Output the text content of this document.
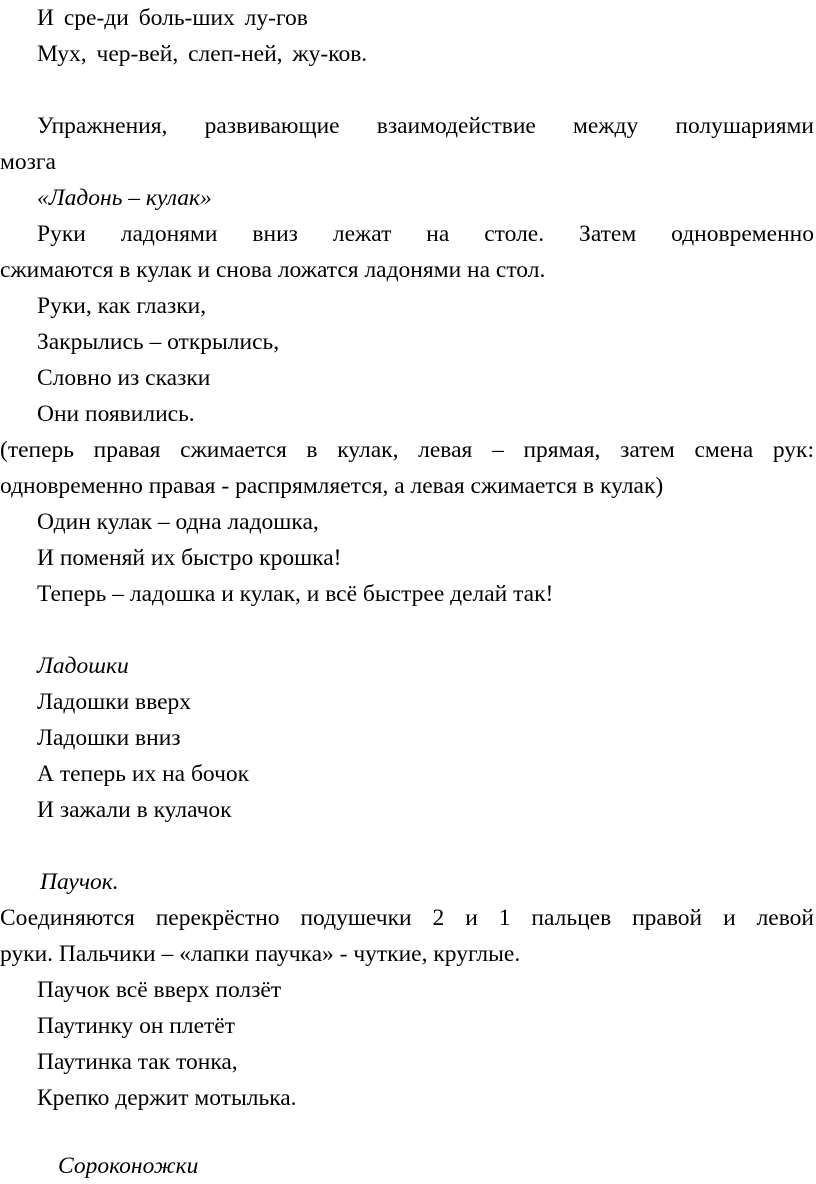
И сре-ди боль-ших лу-гов

Мух, чер-вей, слеп-ней, жу-ков.

Упражнения, развивающие взаимодействие между полушариями

мозга

«Ладонь – кулак»

Руки ладонями вниз лежат на столе. Затем одновременно

сжимаются в кулак и снова ложатся ладонями на стол.

Руки, как глазки,

Закрылись – открылись,

Словно из сказки

Они появились.

(теперь правая сжимается в кулак, левая – прямая, затем смена рук:

одновременно правая - распрямляется, а левая сжимается в кулак)

Один кулак – одна ладошка,

И поменяй их быстро крошка!

Теперь – ладошка и кулак, и всё быстрее делай так!

Ладошки

Ладошки вверх

Ладошки вниз

А теперь их на бочок

И зажали в кулачок

Паучок.

Соединяются перекрёстно подушечки 2 и 1 пальцев правой и левой

руки. Пальчики – «лапки паучка» - чуткие, круглые.

Паучок всё вверх ползёт

Паутинку он плетёт

Паутинка так тонка,

Крепко держит мотылька.

Сороконожки
